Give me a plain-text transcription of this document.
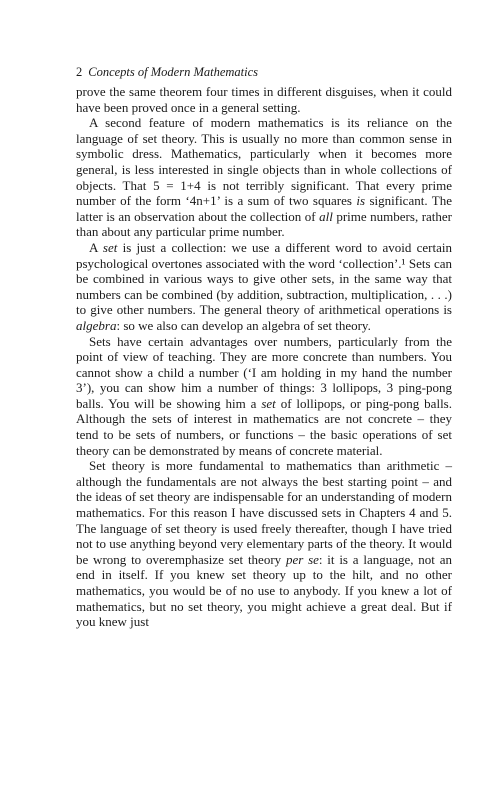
2 Concepts of Modern Mathematics

prove the same theorem four times in different disguises, when it could have been proved once in a general setting.

A second feature of modern mathematics is its reliance on the language of set theory. This is usually no more than common sense in symbolic dress. Mathematics, particularly when it becomes more general, is less interested in single objects than in whole collections of objects. That 5 = 1+4 is not terribly significant. That every prime number of the form ‘4n+1’ is a sum of two squares is significant. The latter is an observation about the collection of all prime numbers, rather than about any particular prime number.

A set is just a collection: we use a different word to avoid certain psychological overtones associated with the word ‘collection’.¹ Sets can be combined in various ways to give other sets, in the same way that numbers can be combined (by addition, subtraction, multiplication, . . .) to give other numbers. The general theory of arithmetical operations is algebra: so we also can develop an algebra of set theory.

Sets have certain advantages over numbers, particularly from the point of view of teaching. They are more concrete than numbers. You cannot show a child a number (‘I am holding in my hand the number 3’), you can show him a number of things: 3 lollipops, 3 ping-pong balls. You will be showing him a set of lollipops, or ping-pong balls. Although the sets of interest in mathematics are not concrete – they tend to be sets of numbers, or functions – the basic operations of set theory can be demonstrated by means of concrete material.

Set theory is more fundamental to mathematics than arithmetic – although the fundamentals are not always the best starting point – and the ideas of set theory are indispensable for an understanding of modern mathematics. For this reason I have discussed sets in Chapters 4 and 5. The language of set theory is used freely thereafter, though I have tried not to use anything beyond very elementary parts of the theory. It would be wrong to overemphasize set theory per se: it is a language, not an end in itself. If you knew set theory up to the hilt, and no other mathematics, you would be of no use to anybody. If you knew a lot of mathematics, but no set theory, you might achieve a great deal. But if you knew just
